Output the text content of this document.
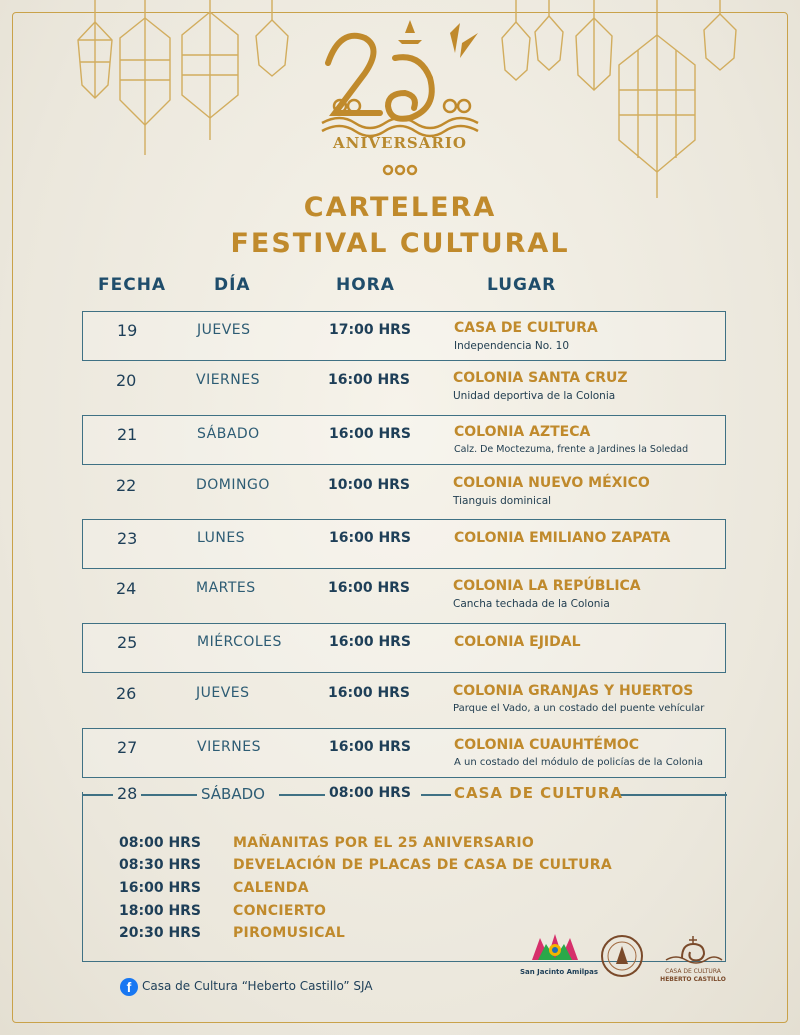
ANIVERSARIO
CARTELERA
FESTIVAL CULTURAL
FECHA	DÍA	HORA	LUGAR
19	JUEVES	17:00 HRS	CASA DE CULTURA
Independencia No. 10
20	VIERNES	16:00 HRS	COLONIA SANTA CRUZ
Unidad deportiva de la Colonia
21	SÁBADO	16:00 HRS	COLONIA AZTECA
Calz. De Moctezuma, frente a Jardines la Soledad
22	DOMINGO	10:00 HRS	COLONIA NUEVO MÉXICO
Tianguis dominical
23	LUNES	16:00 HRS	COLONIA EMILIANO ZAPATA
24	MARTES	16:00 HRS	COLONIA LA REPÚBLICA
Cancha techada de la Colonia
25	MIÉRCOLES	16:00 HRS	COLONIA EJIDAL
26	JUEVES	16:00 HRS	COLONIA GRANJAS Y HUERTOS
Parque el Vado, a un costado del puente vehícular
27	VIERNES	16:00 HRS	COLONIA CUAUHTÉMOC
A un costado del módulo de policías de la Colonia
28	SÁBADO	08:00 HRS	CASA DE CULTURA
08:00 HRS	MAÑANITAS POR EL 25 ANIVERSARIO
08:30 HRS	DEVELACIÓN DE PLACAS DE CASA DE CULTURA
16:00 HRS	CALENDA
18:00 HRS	CONCIERTO
20:30 HRS	PIROMUSICAL
f Casa de Cultura “Heberto Castillo” SJA
San Jacinto Amilpas	CASA DE CULTURA
HEBERTO CASTILLO
